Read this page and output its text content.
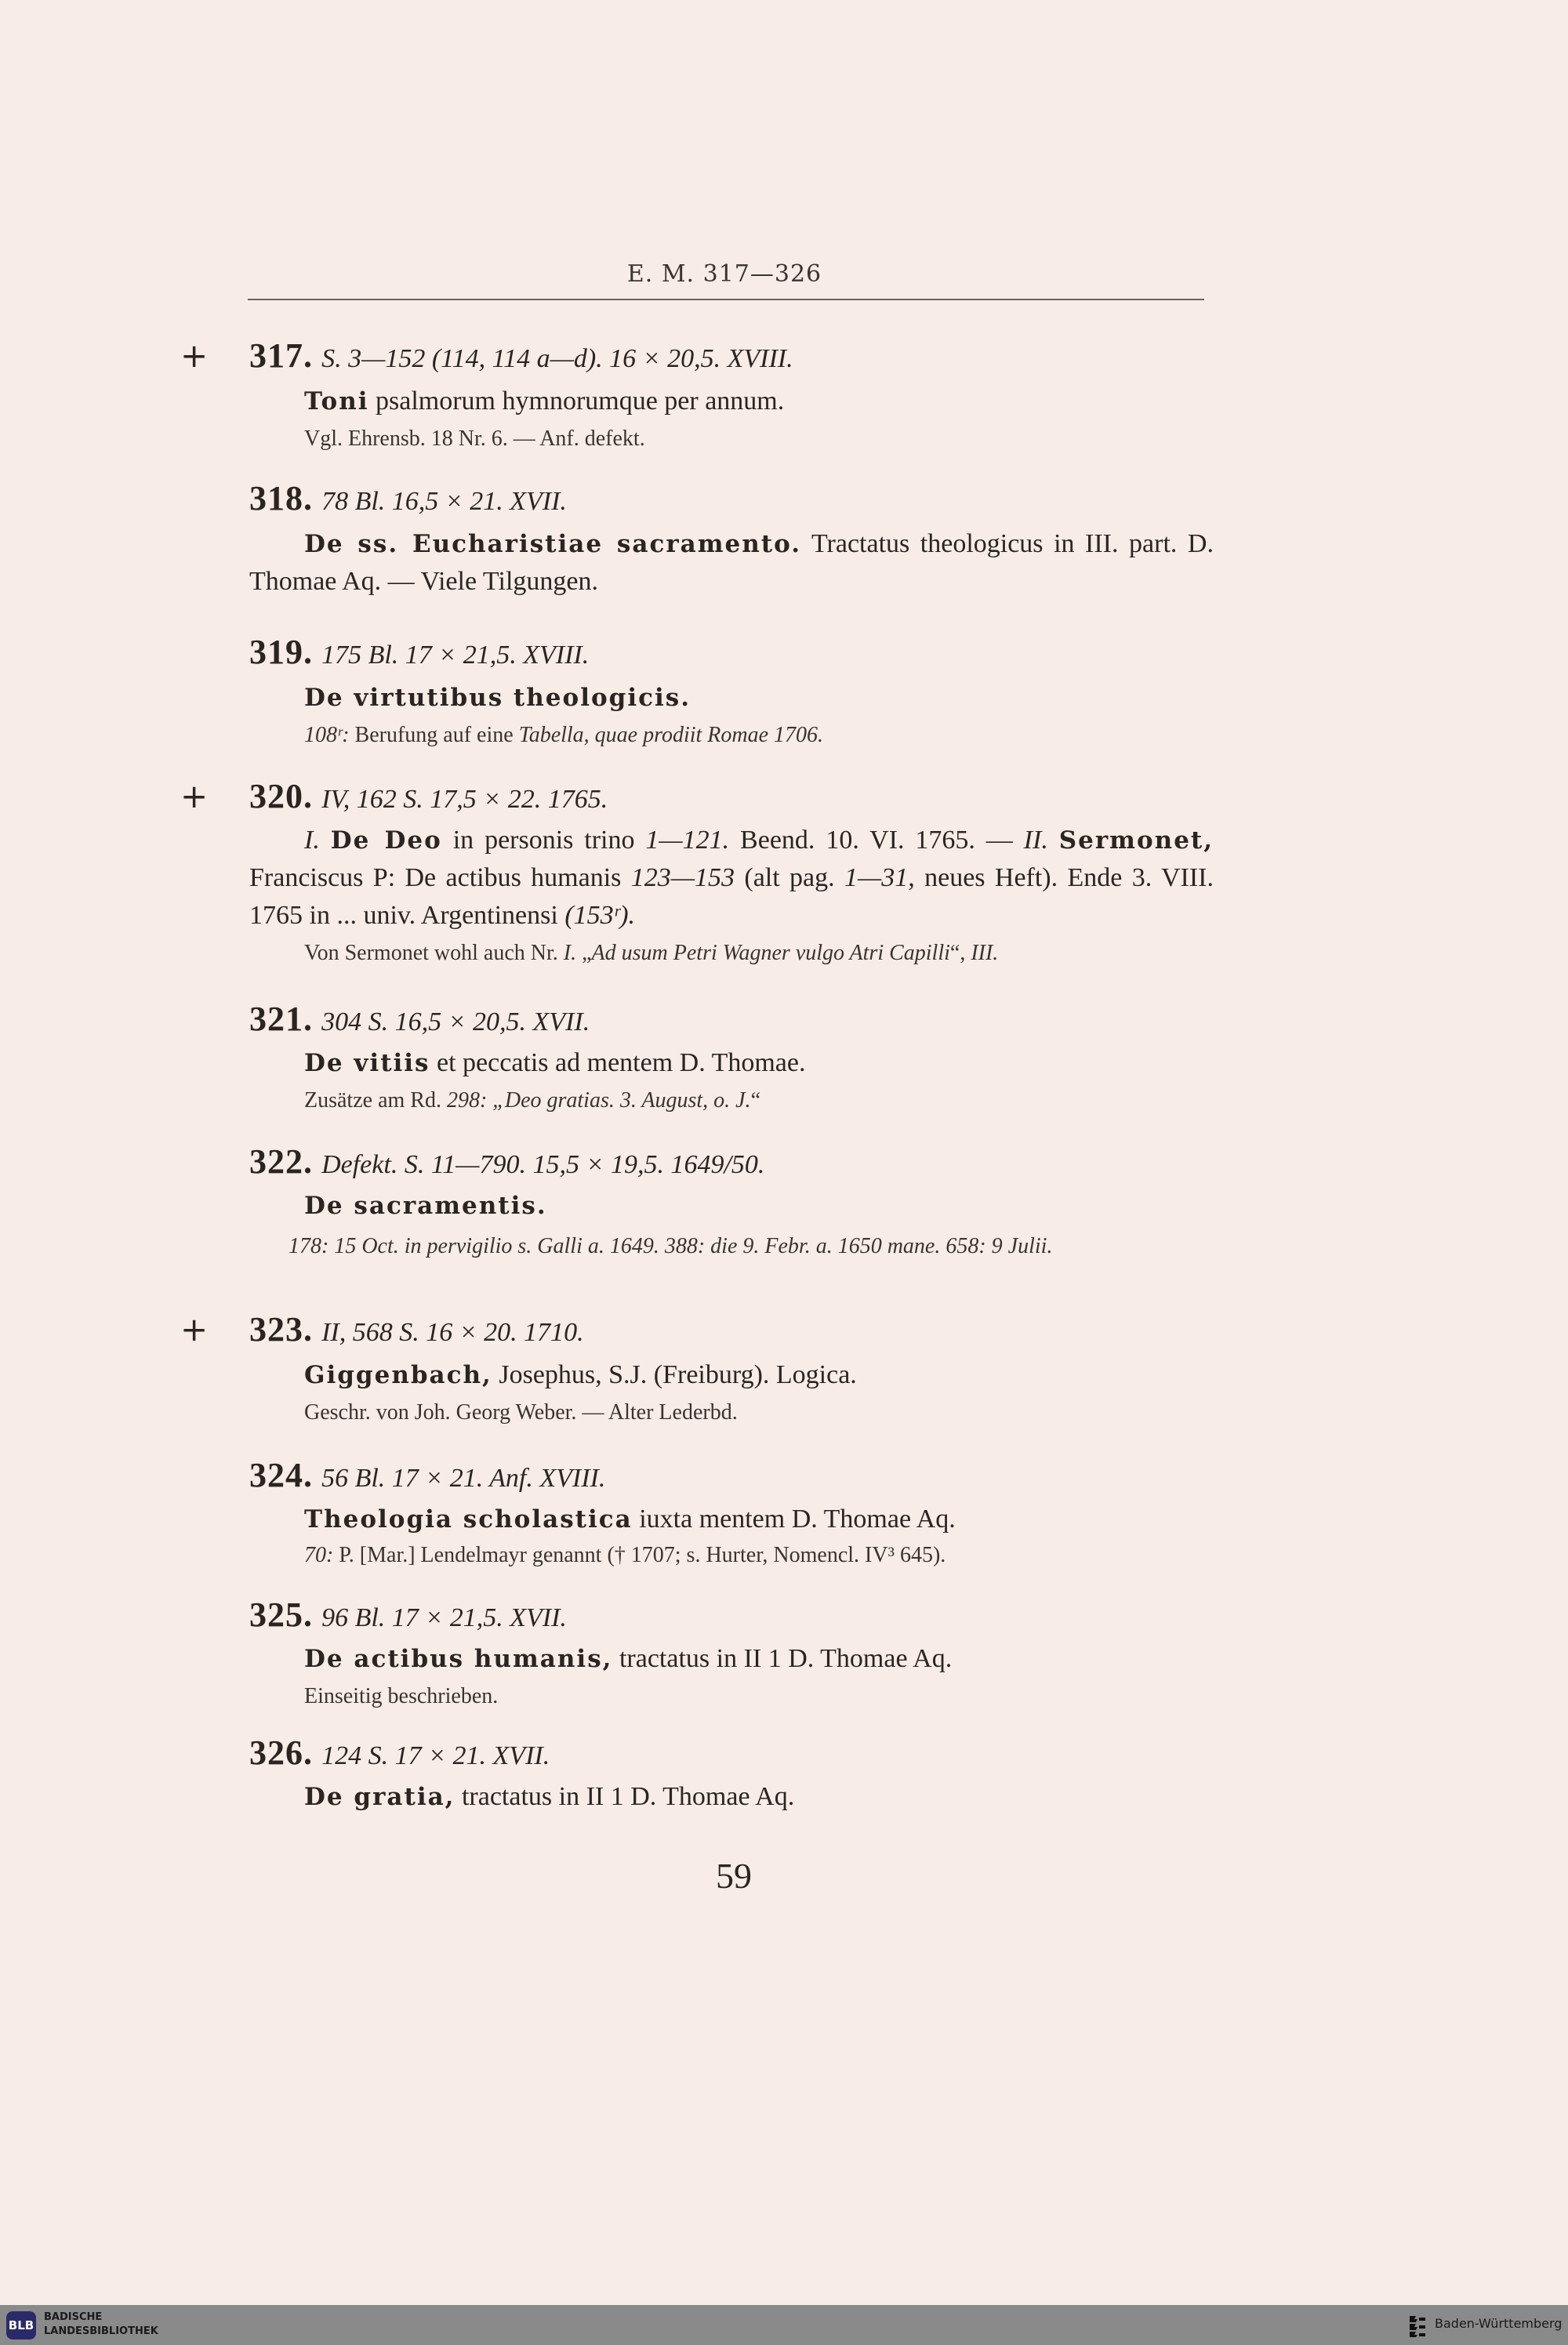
E. M. 317—326
+ 317. S. 3—152 (114, 114 a—d). 16 × 20,5. XVIII.
Toni psalmorum hymnorumque per annum.
Vgl. Ehrensb. 18 Nr. 6. — Anf. defekt.
318. 78 Bl. 16,5 × 21. XVII.
De ss. Eucharistiae sacramento. Tractatus theologicus in III. part. D. Thomae Aq. — Viele Tilgungen.
319. 175 Bl. 17 × 21,5. XVIII.
De virtutibus theologicis.
108ʳ: Berufung auf eine Tabella, quae prodiit Romae 1706.
+ 320. IV, 162 S. 17,5 × 22. 1765.
I. De Deo in personis trino 1—121. Beend. 10. VI. 1765. — II. Sermonet, Franciscus P: De actibus humanis 123—153 (alt pag. 1—31, neues Heft). Ende 3. VIII. 1765 in ... univ. Argentinensi (153ʳ).
Von Sermonet wohl auch Nr. I. „Ad usum Petri Wagner vulgo Atri Capilli“, III.
321. 304 S. 16,5 × 20,5. XVII.
De vitiis et peccatis ad mentem D. Thomae.
Zusätze am Rd. 298: „Deo gratias. 3. August, o. J.“
322. Defekt. S. 11—790. 15,5 × 19,5. 1649/50.
De sacramentis.
178: 15 Oct. in pervigilio s. Galli a. 1649. 388: die 9. Febr. a. 1650 mane. 658: 9 Julii.
+ 323. II, 568 S. 16 × 20. 1710.
Giggenbach, Josephus, S.J. (Freiburg). Logica.
Geschr. von Joh. Georg Weber. — Alter Lederbd.
324. 56 Bl. 17 × 21. Anf. XVIII.
Theologia scholastica iuxta mentem D. Thomae Aq.
70: P. [Mar.] Lendelmayr genannt († 1707; s. Hurter, Nomencl. IV³ 645).
325. 96 Bl. 17 × 21,5. XVII.
De actibus humanis, tractatus in II 1 D. Thomae Aq.
Einseitig beschrieben.
326. 124 S. 17 × 21. XVII.
De gratia, tractatus in II 1 D. Thomae Aq.
59
BLB
BADISCHE
LANDESBIBLIOTHEK
Baden-Württemberg
